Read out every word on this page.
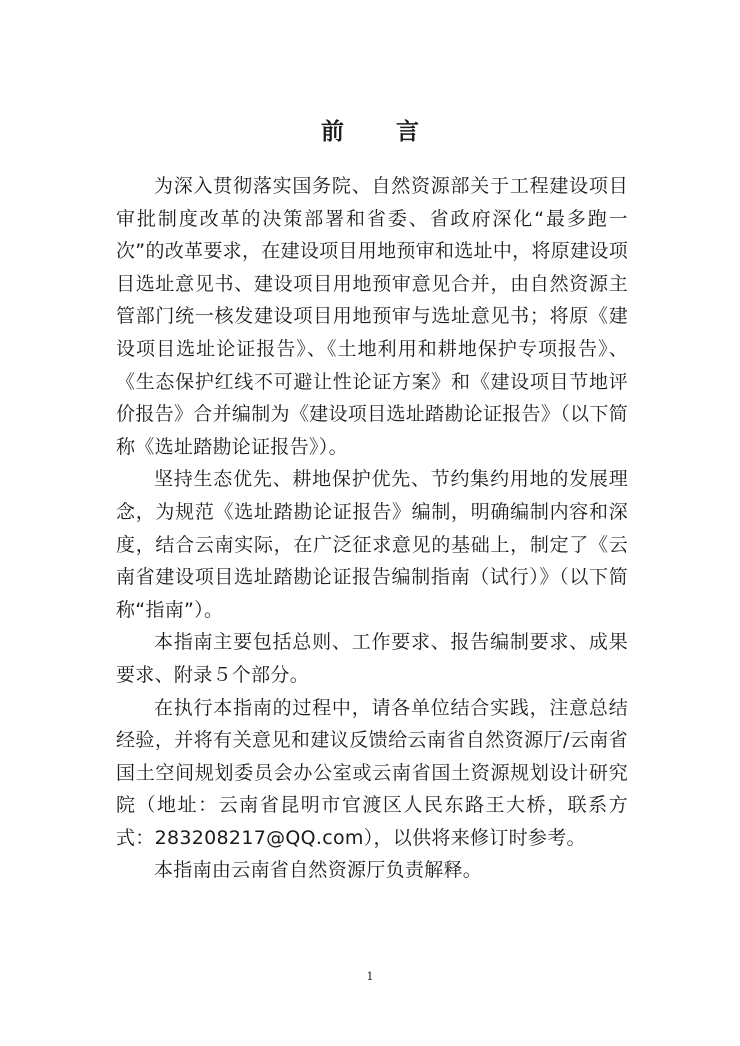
前 言

为深入贯彻落实国务院、自然资源部关于工程建设项目审批制度改革的决策部署和省委、省政府深化“最多跑一次”的改革要求，在建设项目用地预审和选址中，将原建设项目选址意见书、建设项目用地预审意见合并，由自然资源主管部门统一核发建设项目用地预审与选址意见书；将原《建设项目选址论证报告》、《土地利用和耕地保护专项报告》、《生态保护红线不可避让性论证方案》和《建设项目节地评价报告》合并编制为《建设项目选址踏勘论证报告》（以下简称《选址踏勘论证报告》）。

坚持生态优先、耕地保护优先、节约集约用地的发展理念，为规范《选址踏勘论证报告》编制，明确编制内容和深度，结合云南实际，在广泛征求意见的基础上，制定了《云南省建设项目选址踏勘论证报告编制指南（试行）》（以下简称“指南”）。

本指南主要包括总则、工作要求、报告编制要求、成果要求、附录５个部分。

在执行本指南的过程中，请各单位结合实践，注意总结经验，并将有关意见和建议反馈给云南省自然资源厅/云南省国土空间规划委员会办公室或云南省国土资源规划设计研究院（地址：云南省昆明市官渡区人民东路王大桥，联系方式：283208217@QQ.com），以供将来修订时参考。

本指南由云南省自然资源厅负责解释。

1
